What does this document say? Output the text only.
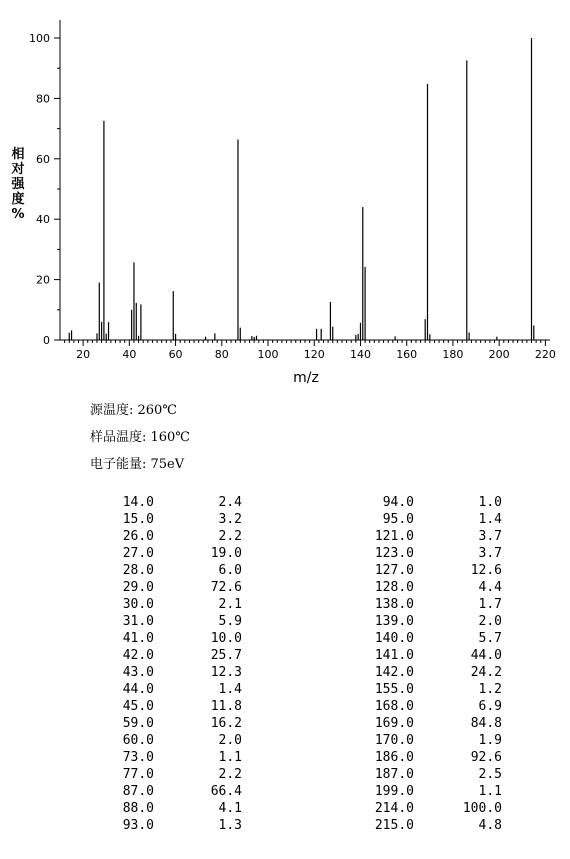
20	40	60	80	100 120 140 160 180 200 220
0
20
40
60
80
100
m/z
相对强度%
源温度: 260℃
样品温度: 160℃
电子能量: 75eV
14.0	2.4
15.0	3.2
26.0	2.2
27.0	19.0
28.0	6.0
29.0	72.6
30.0	2.1
31.0	5.9
41.0	10.0
42.0	25.7
43.0	12.3
44.0	1.4
45.0	11.8
59.0	16.2
60.0	2.0
73.0	1.1
77.0	2.2
87.0	66.4
88.0	4.1
93.0	1.3
94.0	1.0
95.0	1.4
121.0	3.7
123.0	3.7
127.0	12.6
128.0	4.4
138.0	1.7
139.0	2.0
140.0	5.7
141.0	44.0
142.0	24.2
155.0	1.2
168.0	6.9
169.0	84.8
170.0	1.9
186.0	92.6
187.0	2.5
199.0	1.1
214.0	100.0
215.0	4.8
